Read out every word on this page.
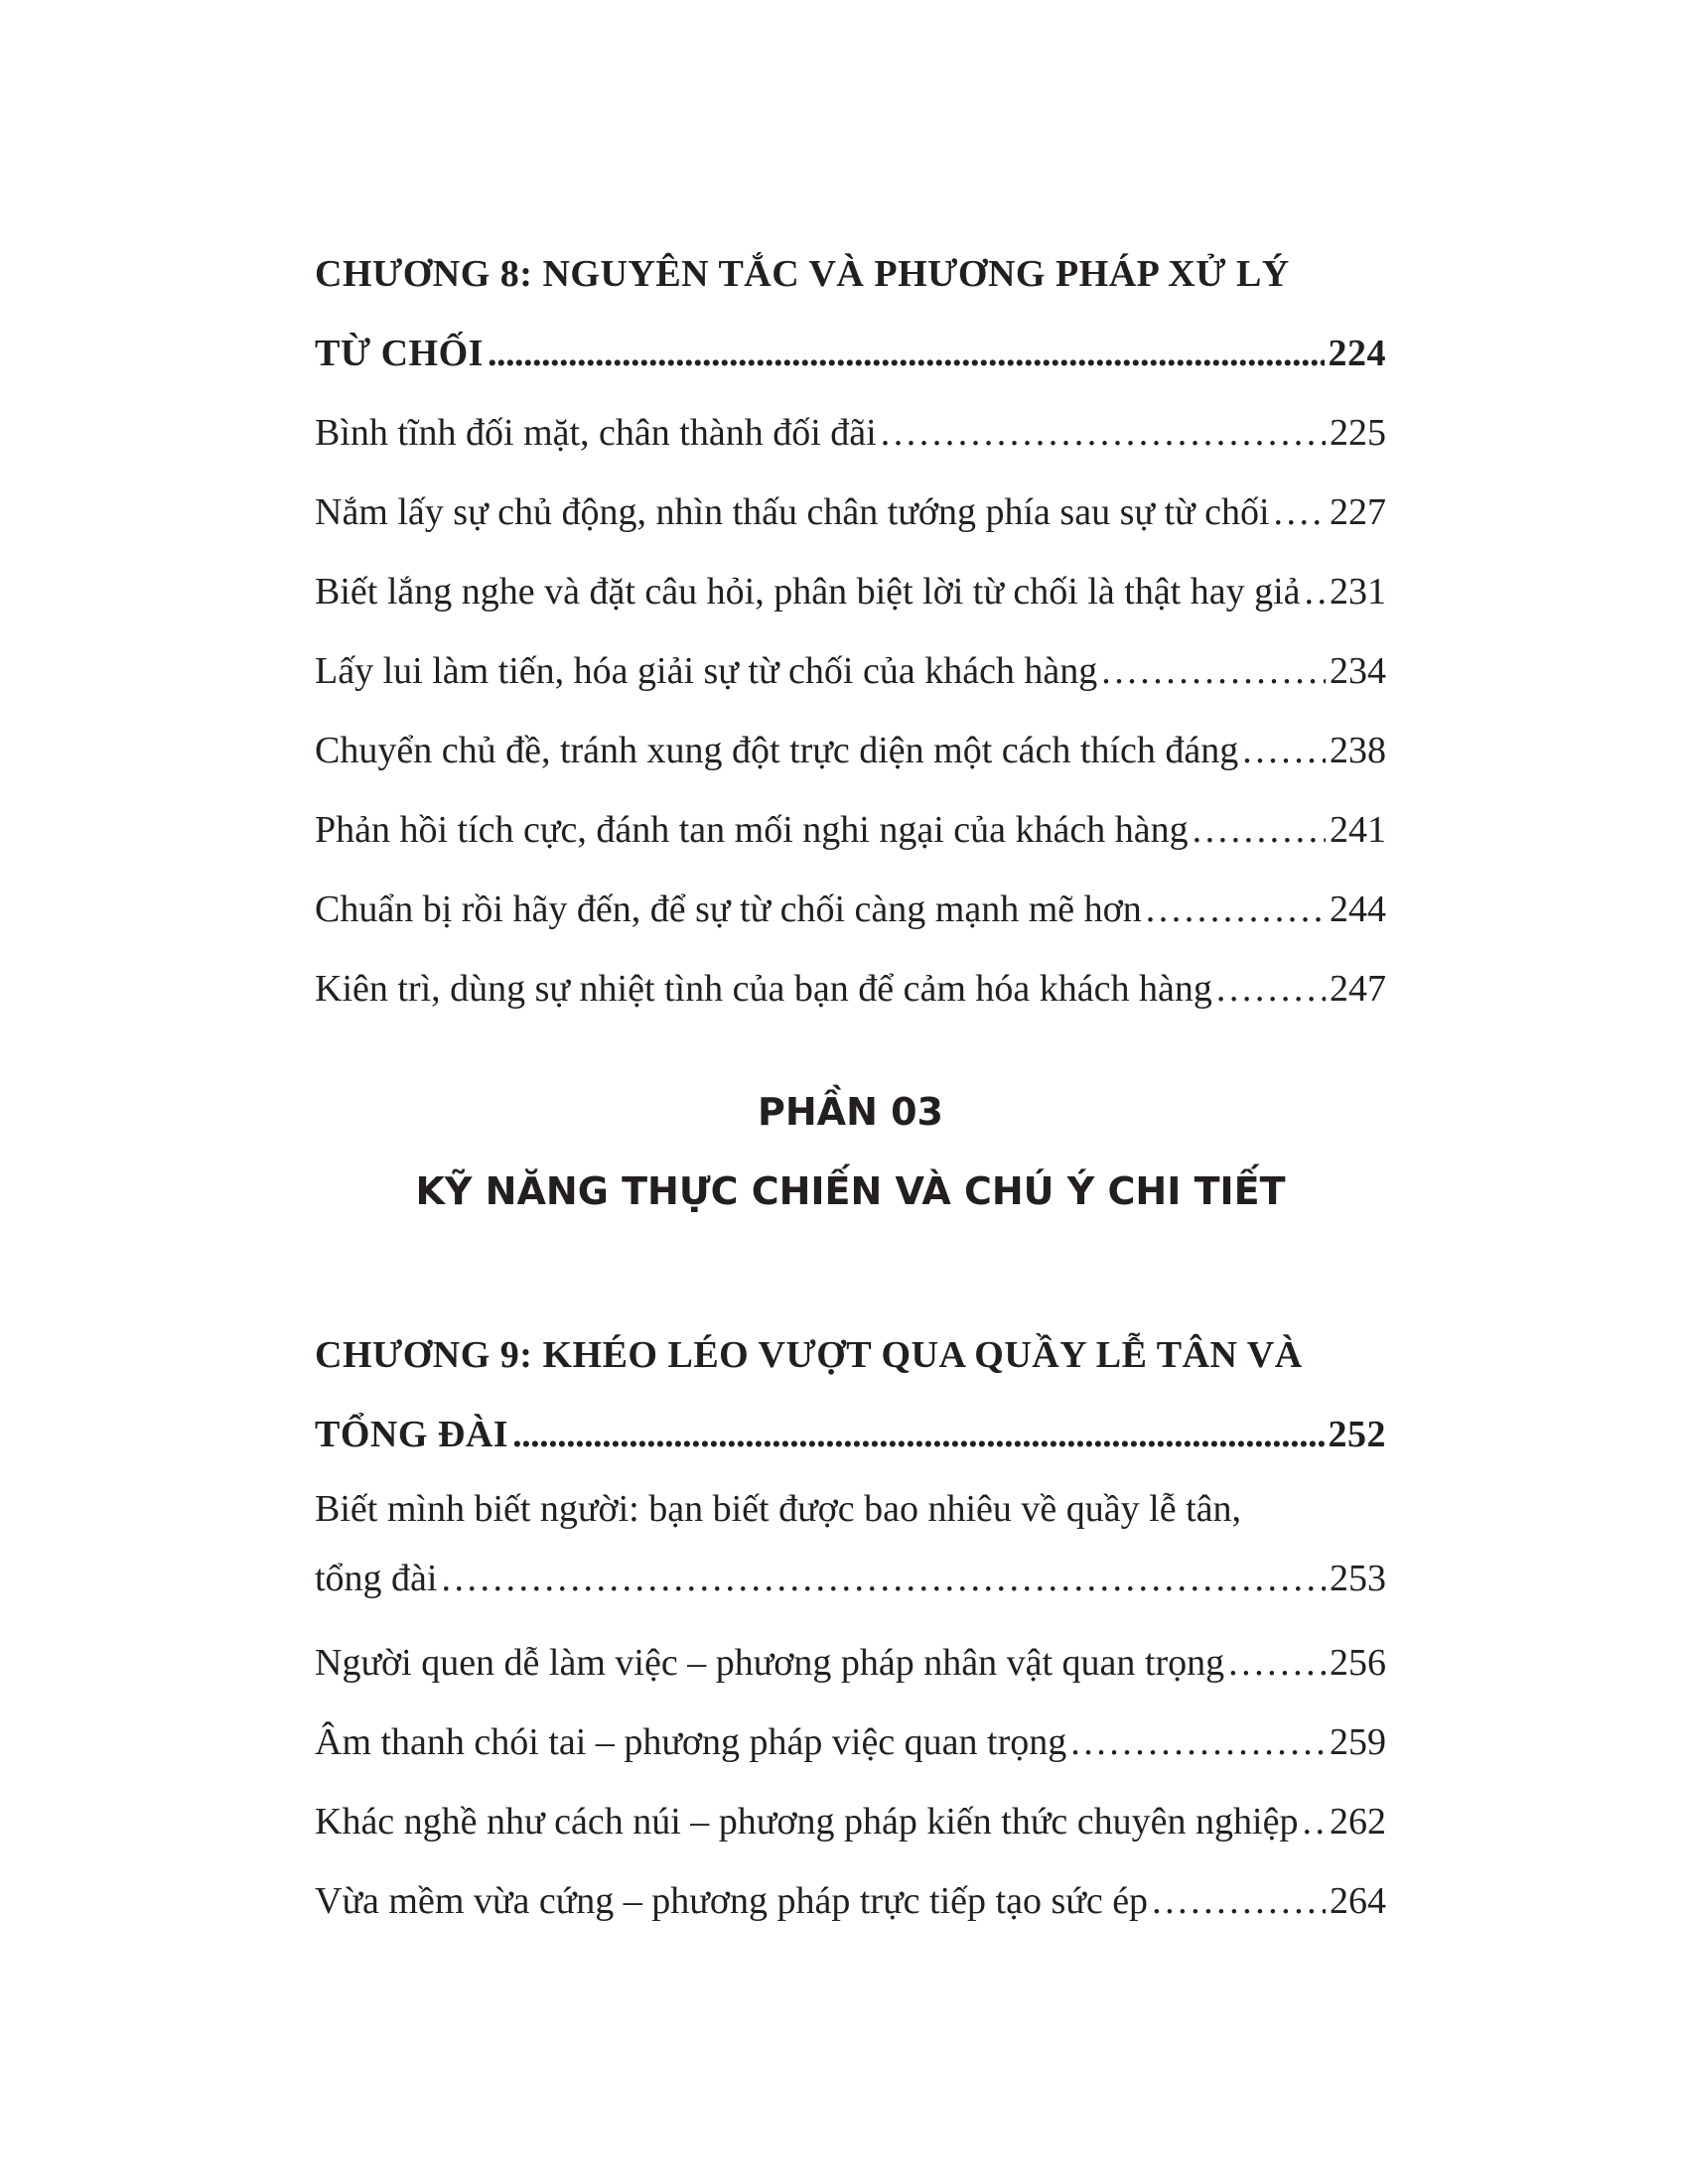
CHƯƠNG 8: NGUYÊN TẮC VÀ PHƯƠNG PHÁP XỬ LÝ
TỪ CHỐI . . .	224
Bình tĩnh đối mặt, chân thành đối đãi . . .	225
Nắm lấy sự chủ động, nhìn thấu chân tướng phía sau sự từ chối . . . 227
Biết lắng nghe và đặt câu hỏi, phân biệt lời từ chối là thật hay giả . . . 231
Lấy lui làm tiến, hóa giải sự từ chối của khách hàng . . .	234
Chuyển chủ đề, tránh xung đột trực diện một cách thích đáng . . . 238
Phản hồi tích cực, đánh tan mối nghi ngại của khách hàng . . .	241
Chuẩn bị rồi hãy đến, để sự từ chối càng mạnh mẽ hơn . . .	244
Kiên trì, dùng sự nhiệt tình của bạn để cảm hóa khách hàng . . .	247
PHẦN 03
KỸ NĂNG THỰC CHIẾN VÀ CHÚ Ý CHI TIẾT
CHƯƠNG 9: KHÉO LÉO VƯỢT QUA QUẦY LỄ TÂN VÀ
TỔNG ĐÀI . . .	252
Biết mình biết người: bạn biết được bao nhiêu về quầy lễ tân,
tổng đài . . .	253
Người quen dễ làm việc – phương pháp nhân vật quan trọng . . .	256
Âm thanh chói tai – phương pháp việc quan trọng . . .	259
Khác nghề như cách núi – phương pháp kiến thức chuyên nghiệp . . . 262
Vừa mềm vừa cứng – phương pháp trực tiếp tạo sức ép . . .	264
